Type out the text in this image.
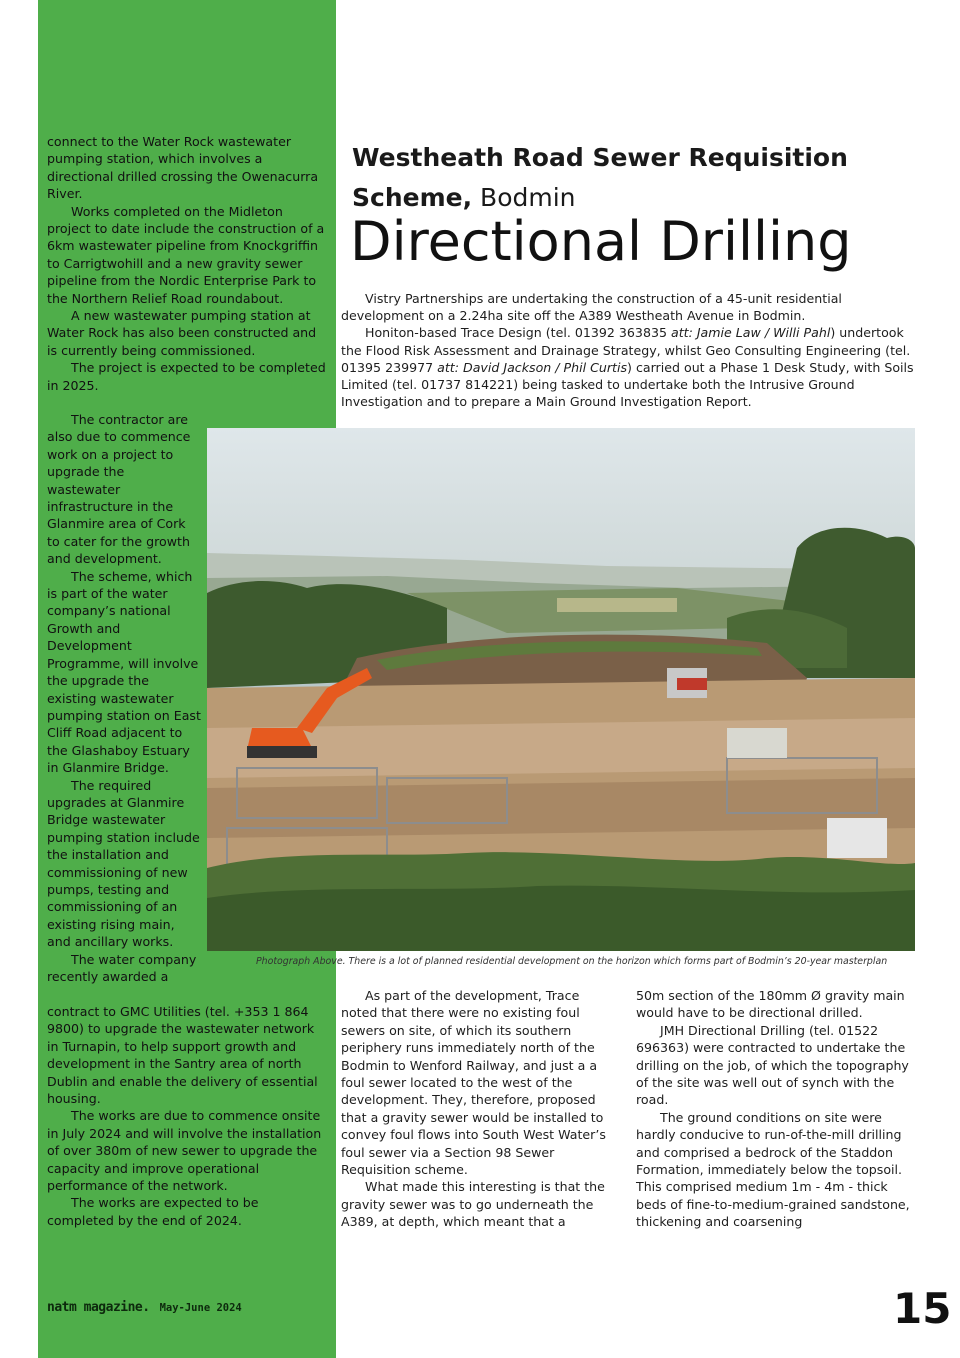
connect to the Water Rock wastewater pumping station, which involves a directional drilled crossing the Owenacurra River.

Works completed on the Midleton project to date include the construction of a 6km wastewater pipeline from Knockgriffin to Carrigtwohill and a new gravity sewer pipeline from the Nordic Enterprise Park to the Northern Relief Road roundabout.

A new wastewater pumping station at Water Rock has also been constructed and is currently being commissioned.

The project is expected to be completed in 2025.

The contractor are also due to commence work on a project to upgrade the wastewater infrastructure in the Glanmire area of Cork to cater for the growth and development.

The scheme, which is part of the water company’s national Growth and Development Programme, will involve the upgrade the existing wastewater pumping station on East Cliff Road adjacent to the Glashaboy Estuary in Glanmire Bridge.

The required upgrades at Glanmire Bridge wastewater pumping station include the installation and commissioning of new pumps, testing and commissioning of an existing rising main, and ancillary works.

The water company recently awarded a

contract to GMC Utilities (tel. +353 1 864 9800) to upgrade the wastewater network in Turnapin, to help support growth and development in the Santry area of north Dublin and enable the delivery of essential housing.

The works are due to commence onsite in July 2024 and will involve the installation of over 380m of new sewer to upgrade the capacity and improve operational performance of the network.

The works are expected to be completed by the end of 2024.

Westheath Road Sewer Requisition
Scheme, Bodmin
Directional Drilling

Vistry Partnerships are undertaking the construction of a 45-unit residential development on a 2.24ha site off the A389 Westheath Avenue in Bodmin.

Honiton-based Trace Design (tel. 01392 363835 att: Jamie Law / Willi Pahl) undertook the Flood Risk Assessment and Drainage Strategy, whilst Geo Consulting Engineering (tel. 01395 239977 att: David Jackson / Phil Curtis) carried out a Phase 1 Desk Study, with Soils Limited (tel. 01737 814221) being tasked to undertake both the Intrusive Ground Investigation and to prepare a Main Ground Investigation Report.

Photograph Above. There is a lot of planned residential development on the horizon which forms part of Bodmin’s 20-year masterplan

As part of the development, Trace noted that there were no existing foul sewers on site, of which its southern periphery runs immediately north of the Bodmin to Wenford Railway, and just a a foul sewer located to the west of the development. They, therefore, proposed that a gravity sewer would be installed to convey foul flows into South West Water’s foul sewer via a Section 98 Sewer Requisition scheme.

What made this interesting is that the gravity sewer was to go underneath the A389, at depth, which meant that a

50m section of the 180mm Ø gravity main would have to be directional drilled.

JMH Directional Drilling (tel. 01522 696363) were contracted to undertake the drilling on the job, of which the topography of the site was well out of synch with the road.

The ground conditions on site were hardly conducive to run-of-the-mill drilling and comprised a bedrock of the Staddon Formation, immediately below the topsoil. This comprised medium 1m - 4m - thick beds of fine-to-medium-grained sandstone, thickening and coarsening

natm magazine. May-June 2024	15
